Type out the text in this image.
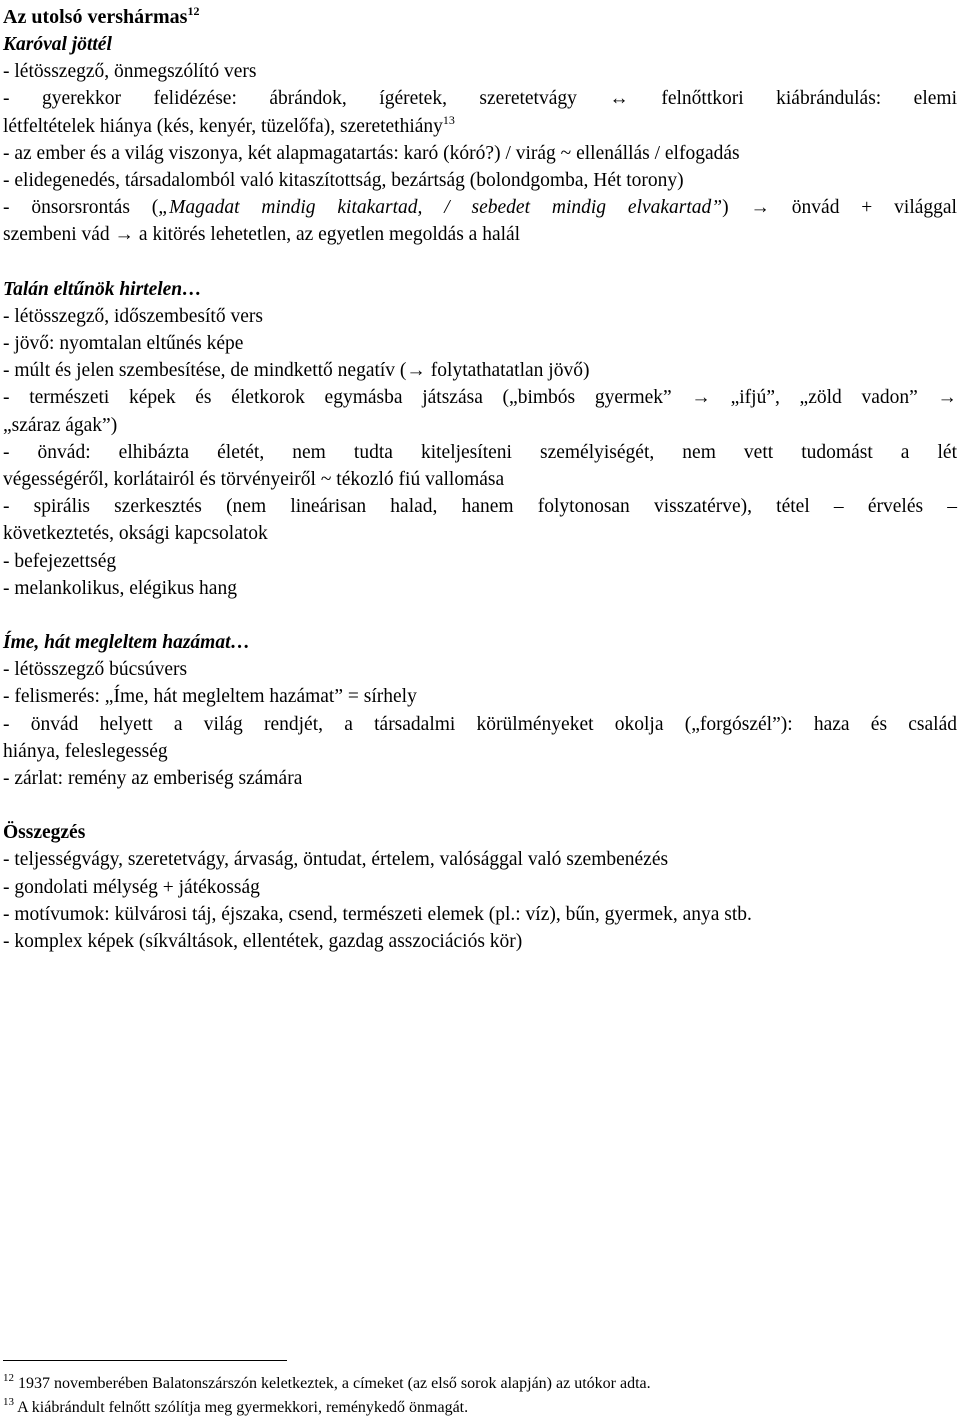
Az utolsó vershármas$^{12}$
Karóval jöttél
- létösszegző, önmegszólító vers
- gyerekkor felidézése: ábrándok, ígéretek, szeretetvágy ↔ felnőttkori kiábrándulás: elemi
létfeltételek hiánya (kés, kenyér, tüzelőfa), szeretethiány$^{13}$
- az ember és a világ viszonya, két alapmagatartás: karó (kóró?) / virág ~ ellenállás / elfogadás
- elidegenedés, társadalomból való kitaszítottság, bezártság (bolondgomba, Hét torony)
- önsorsrontás („Magadat mindig kitakartad, / sebedet mindig elvakartad”) → önvád + világgal
szembeni vád → a kitörés lehetetlen, az egyetlen megoldás a halál
Talán eltűnök hirtelen…
- létösszegző, időszembesítő vers
- jövő: nyomtalan eltűnés képe
- múlt és jelen szembesítése, de mindkettő negatív (→ folytathatatlan jövő)
- természeti képek és életkorok egymásba játszása („bimbós gyermek” → „ifjú”, „zöld vadon” →
„száraz ágak”)
- önvád: elhibázta életét, nem tudta kiteljesíteni személyiségét, nem vett tudomást a lét
végességéről, korlátairól és törvényeiről ~ tékozló fiú vallomása
- spirális szerkesztés (nem lineárisan halad, hanem folytonosan visszatérve), tétel – érvelés –
következtetés, oksági kapcsolatok
- befejezettség
- melankolikus, elégikus hang
Íme, hát megleltem hazámat…
- létösszegző búcsúvers
- felismerés: „Íme, hát megleltem hazámat” = sírhely
- önvád helyett a világ rendjét, a társadalmi körülményeket okolja („forgószél”): haza és család
hiánya, feleslegesség
- zárlat: remény az emberiség számára
Összegzés
- teljességvágy, szeretetvágy, árvaság, öntudat, értelem, valósággal való szembenézés
- gondolati mélység + játékosság
- motívumok: külvárosi táj, éjszaka, csend, természeti elemek (pl.: víz), bűn, gyermek, anya stb.
- komplex képek (síkváltások, ellentétek, gazdag asszociációs kör)
$^{12}$ 1937 novemberében Balatonszárszón keletkeztek, a címeket (az első sorok alapján) az utókor adta.
$^{13}$ A kiábrándult felnőtt szólítja meg gyermekkori, reménykedő önmagát.
